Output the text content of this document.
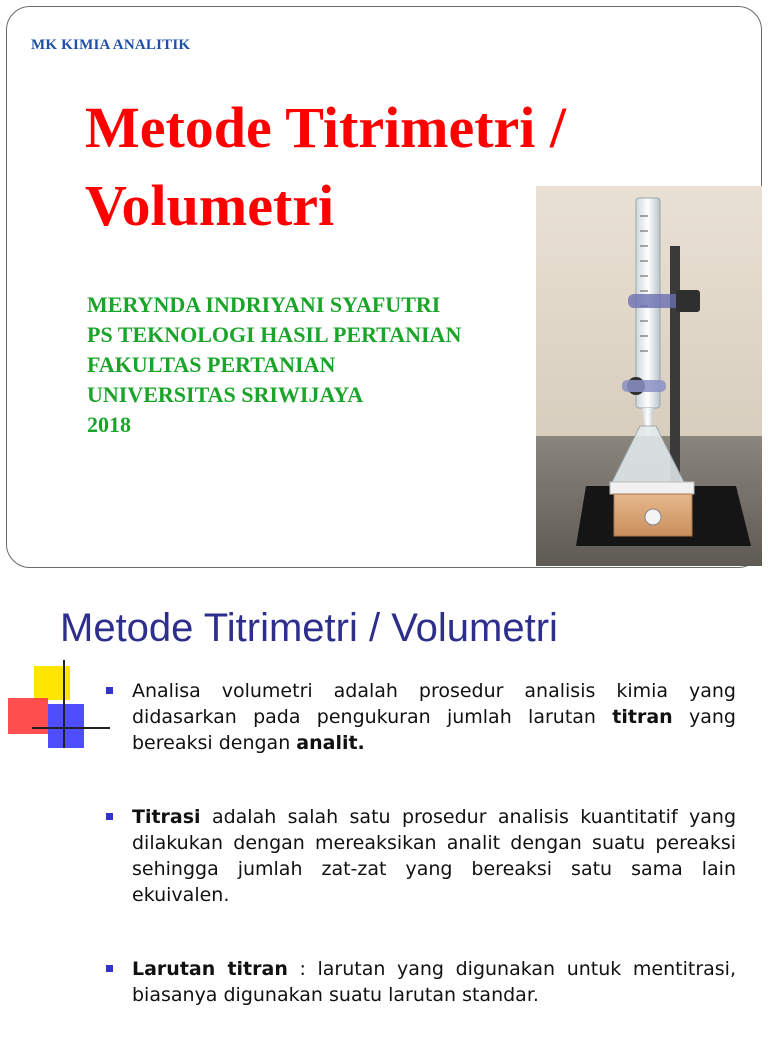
MK KIMIA ANALITIK
Metode Titrimetri /
Volumetri
MERYNDA INDRIYANI SYAFUTRI
PS TEKNOLOGI HASIL PERTANIAN
FAKULTAS PERTANIAN
UNIVERSITAS SRIWIJAYA
2018
Metode Titrimetri / Volumetri
Analisa volumetri adalah prosedur analisis kimia yang didasarkan pada pengukuran jumlah larutan titran yang bereaksi dengan analit.
Titrasi adalah salah satu prosedur analisis kuantitatif yang dilakukan dengan mereaksikan analit dengan suatu pereaksi sehingga jumlah zat-zat yang bereaksi satu sama lain ekuivalen.
Larutan titran : larutan yang digunakan untuk mentitrasi, biasanya digunakan suatu larutan standar.
